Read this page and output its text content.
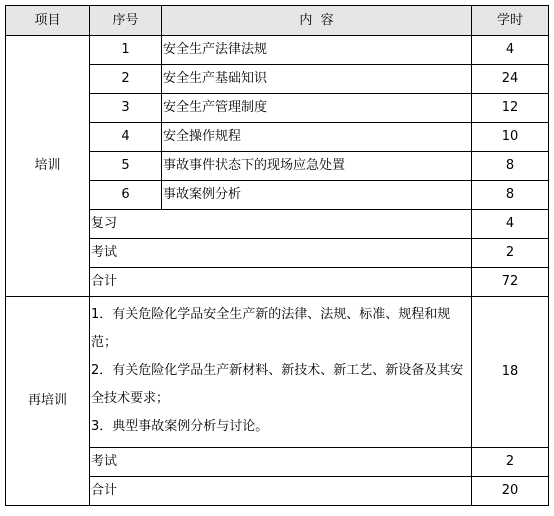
项目	序号	内  容	学时
培训	1	安全生产法律法规	4
	2	安全生产基础知识	24
	3	安全生产管理制度	12
	4	安全操作规程	10
	5	事故事件状态下的现场应急处置	8
	6	事故案例分析	8
	复习		4
	考试		2
	合计		72
再培训	1．有关危险化学品安全生产新的法律、法规、标准、规程和规范；
2．有关危险化学品生产新材料、新技术、新工艺、新设备及其安全技术要求；
3．典型事故案例分析与讨论。		18
	考试		2
	合计		20
